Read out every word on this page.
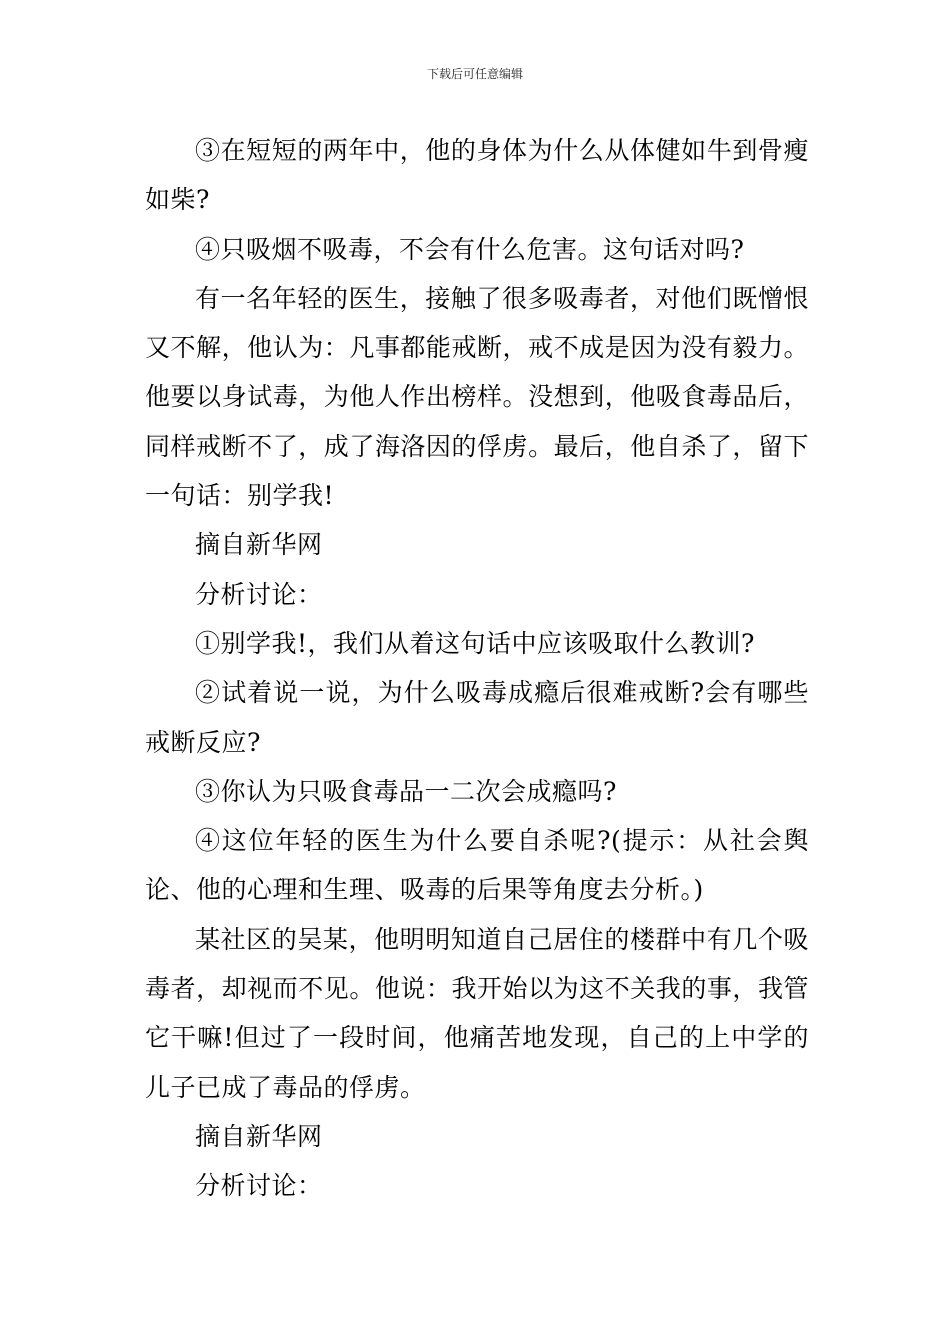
下载后可任意编辑

③在短短的两年中，他的身体为什么从体健如牛到骨瘦如柴?

④只吸烟不吸毒，不会有什么危害。这句话对吗?

有一名年轻的医生，接触了很多吸毒者，对他们既憎恨又不解，他认为：凡事都能戒断，戒不成是因为没有毅力。他要以身试毒，为他人作出榜样。没想到，他吸食毒品后，同样戒断不了，成了海洛因的俘虏。最后，他自杀了，留下一句话：别学我!

摘自新华网

分析讨论：

①别学我!，我们从着这句话中应该吸取什么教训?

②试着说一说，为什么吸毒成瘾后很难戒断?会有哪些戒断反应?

③你认为只吸食毒品一二次会成瘾吗?

④这位年轻的医生为什么要自杀呢?(提示：从社会舆论、他的心理和生理、吸毒的后果等角度去分析。)

某社区的吴某，他明明知道自己居住的楼群中有几个吸毒者，却视而不见。他说：我开始以为这不关我的事，我管它干嘛!但过了一段时间，他痛苦地发现，自己的上中学的儿子已成了毒品的俘虏。

摘自新华网

分析讨论：
